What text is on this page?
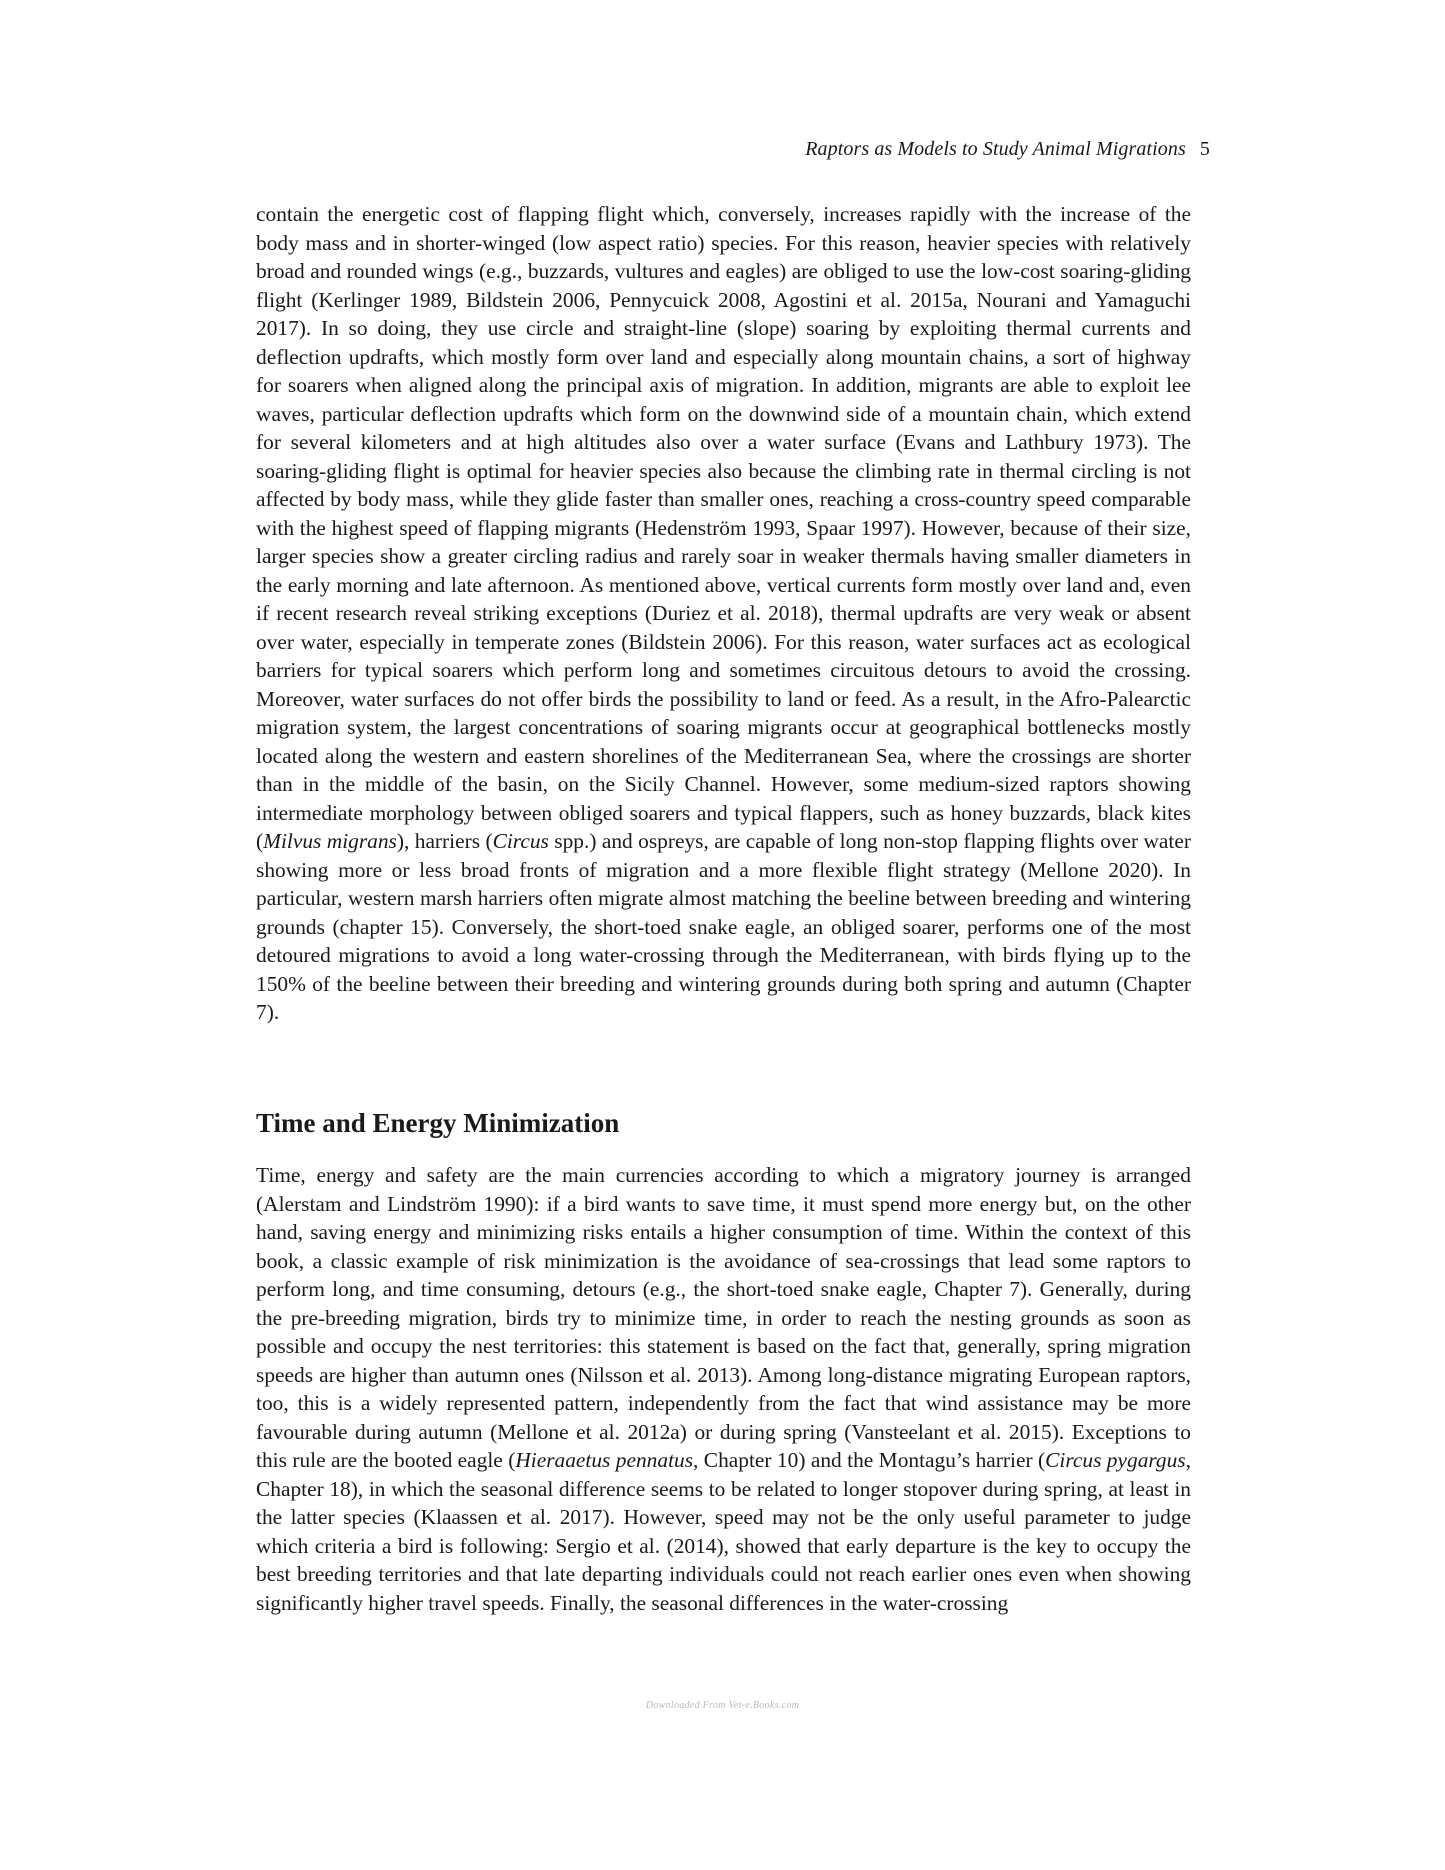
Raptors as Models to Study Animal Migrations 5

contain the energetic cost of flapping flight which, conversely, increases rapidly with the increase of the body mass and in shorter-winged (low aspect ratio) species. For this reason, heavier species with relatively broad and rounded wings (e.g., buzzards, vultures and eagles) are obliged to use the low-cost soaring-gliding flight (Kerlinger 1989, Bildstein 2006, Pennycuick 2008, Agostini et al. 2015a, Nourani and Yamaguchi 2017). In so doing, they use circle and straight-line (slope) soaring by exploiting thermal currents and deflection updrafts, which mostly form over land and especially along mountain chains, a sort of highway for soarers when aligned along the principal axis of migration. In addition, migrants are able to exploit lee waves, particular deflection updrafts which form on the downwind side of a mountain chain, which extend for several kilometers and at high altitudes also over a water surface (Evans and Lathbury 1973). The soaring-gliding flight is optimal for heavier species also because the climbing rate in thermal circling is not affected by body mass, while they glide faster than smaller ones, reaching a cross-country speed comparable with the highest speed of flapping migrants (Hedenström 1993, Spaar 1997). However, because of their size, larger species show a greater circling radius and rarely soar in weaker thermals having smaller diameters in the early morning and late afternoon. As mentioned above, vertical currents form mostly over land and, even if recent research reveal striking exceptions (Duriez et al. 2018), thermal updrafts are very weak or absent over water, especially in temperate zones (Bildstein 2006). For this reason, water surfaces act as ecological barriers for typical soarers which perform long and sometimes circuitous detours to avoid the crossing. Moreover, water surfaces do not offer birds the possibility to land or feed. As a result, in the Afro-Palearctic migration system, the largest concentrations of soaring migrants occur at geographical bottlenecks mostly located along the western and eastern shorelines of the Mediterranean Sea, where the crossings are shorter than in the middle of the basin, on the Sicily Channel. However, some medium-sized raptors showing intermediate morphology between obliged soarers and typical flappers, such as honey buzzards, black kites (Milvus migrans), harriers (Circus spp.) and ospreys, are capable of long non-stop flapping flights over water showing more or less broad fronts of migration and a more flexible flight strategy (Mellone 2020). In particular, western marsh harriers often migrate almost matching the beeline between breeding and wintering grounds (chapter 15). Conversely, the short-toed snake eagle, an obliged soarer, performs one of the most detoured migrations to avoid a long water-crossing through the Mediterranean, with birds flying up to the 150% of the beeline between their breeding and wintering grounds during both spring and autumn (Chapter 7).

Time and Energy Minimization

Time, energy and safety are the main currencies according to which a migratory journey is arranged (Alerstam and Lindström 1990): if a bird wants to save time, it must spend more energy but, on the other hand, saving energy and minimizing risks entails a higher consumption of time. Within the context of this book, a classic example of risk minimization is the avoidance of sea-crossings that lead some raptors to perform long, and time consuming, detours (e.g., the short-toed snake eagle, Chapter 7). Generally, during the pre-breeding migration, birds try to minimize time, in order to reach the nesting grounds as soon as possible and occupy the nest territories: this statement is based on the fact that, generally, spring migration speeds are higher than autumn ones (Nilsson et al. 2013). Among long-distance migrating European raptors, too, this is a widely represented pattern, independently from the fact that wind assistance may be more favourable during autumn (Mellone et al. 2012a) or during spring (Vansteelant et al. 2015). Exceptions to this rule are the booted eagle (Hieraaetus pennatus, Chapter 10) and the Montagu’s harrier (Circus pygargus, Chapter 18), in which the seasonal difference seems to be related to longer stopover during spring, at least in the latter species (Klaassen et al. 2017). However, speed may not be the only useful parameter to judge which criteria a bird is following: Sergio et al. (2014), showed that early departure is the key to occupy the best breeding territories and that late departing individuals could not reach earlier ones even when showing significantly higher travel speeds. Finally, the seasonal differences in the water-crossing

Downloaded From Vet-e.Books.com
